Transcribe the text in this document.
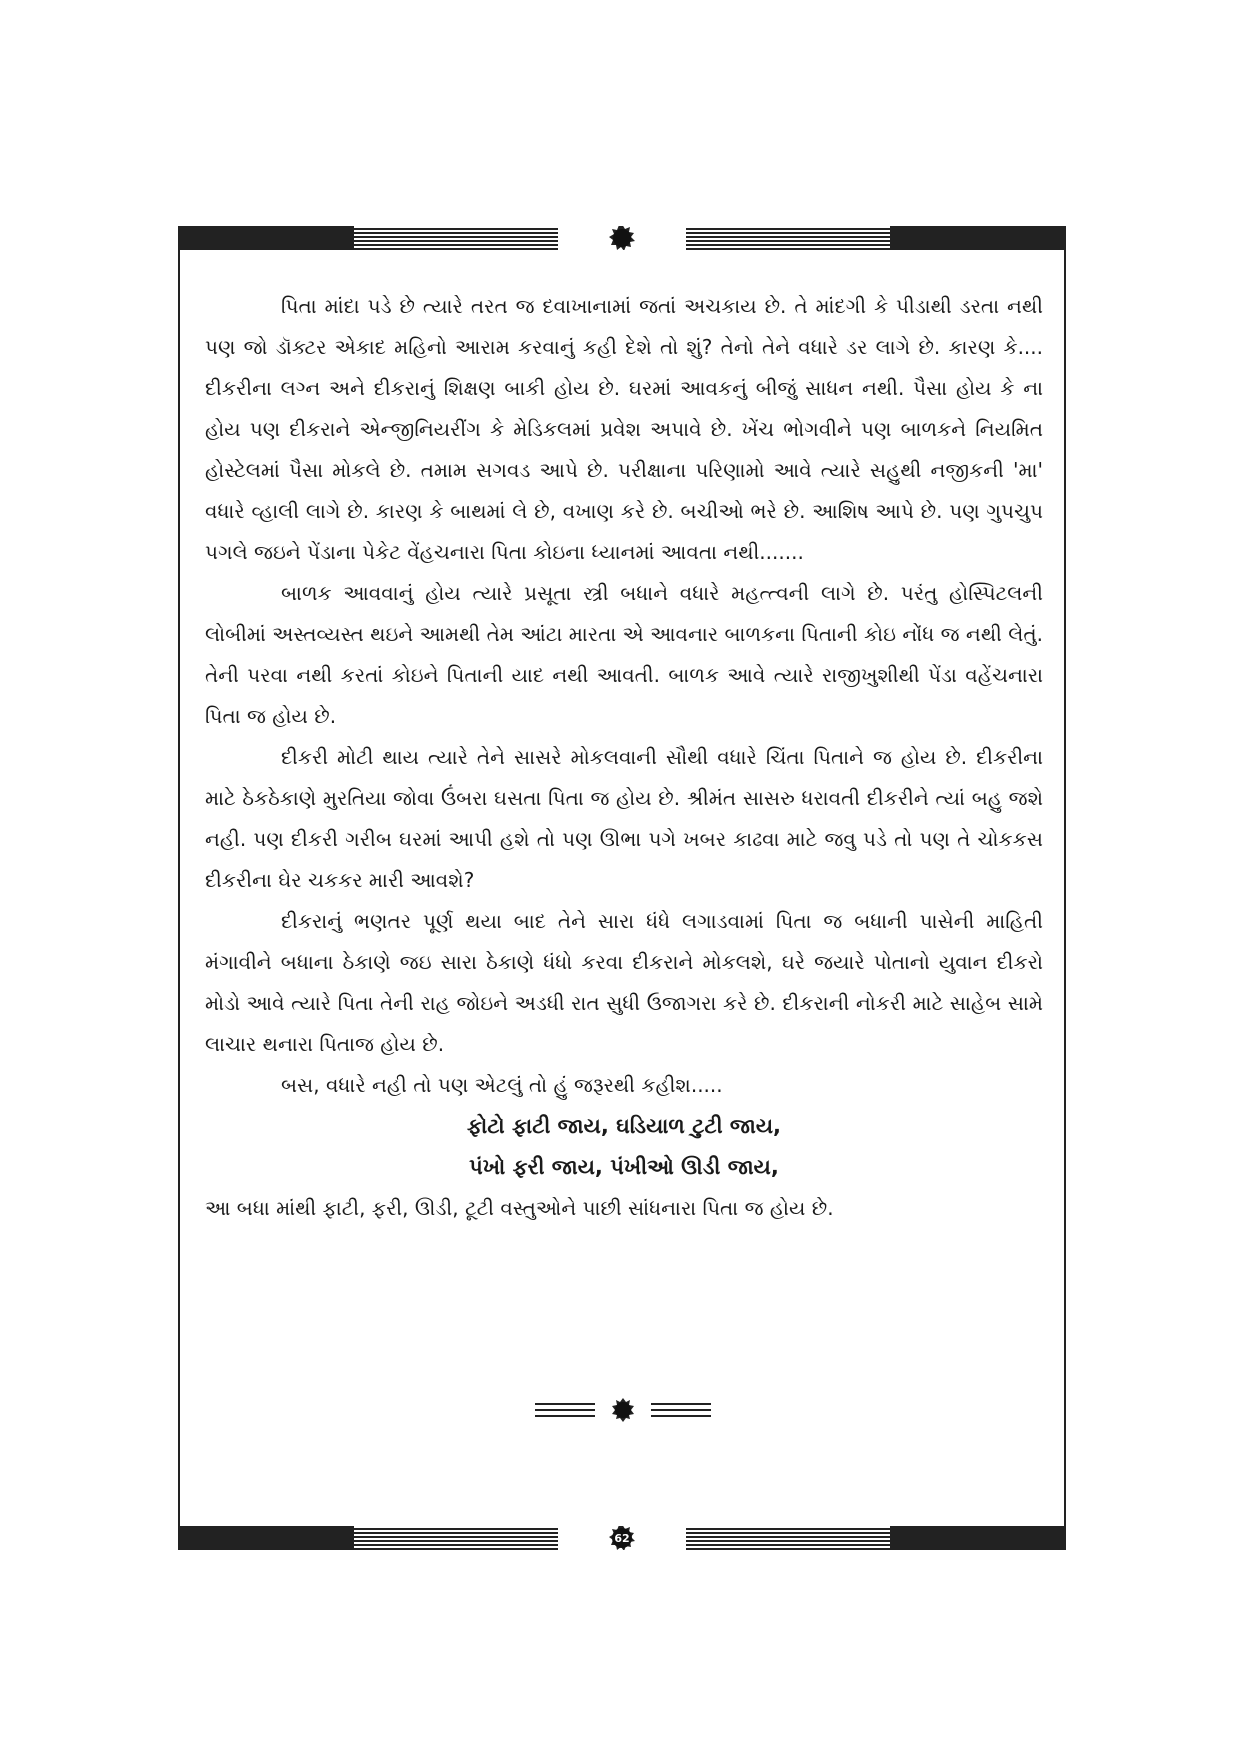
પિતા માંદા પડે છે ત્યારે તરત જ દવાખાનામાં જતાં અચકાય છે. તે માંદગી કે પીડાથી ડરતા નથી પણ જો ડૉક્ટર એકાદ મહિનો આરામ કરવાનું કહી દેશે તો શું? તેનો તેને વધારે ડર લાગે છે. કારણ કે.... દીકરીના લગ્ન અને દીકરાનું શિક્ષણ બાકી હોય છે. ઘરમાં આવકનું બીજું સાધન નથી. પૈસા હોય કે ના હોય પણ દીકરાને એન્જીનિયરીંગ કે મેડિકલમાં પ્રવેશ અપાવે છે. ખેંચ ભોગવીને પણ બાળકને નિયમિત હોસ્ટેલમાં પૈસા મોકલે છે. તમામ સગવડ આપે છે. પરીક્ષાના પરિણામો આવે ત્યારે સહુથી નજીકની 'મા' વધારે વ્હાલી લાગે છે. કારણ કે બાથમાં લે છે, વખાણ કરે છે. બચીઓ ભરે છે. આશિષ આપે છે. પણ ગુપચુપ પગલે જઇને પેંડાના પેકેટ વેંહચનારા પિતા કોઇના ધ્યાનમાં આવતા નથી.......

બાળક આવવાનું હોય ત્યારે પ્રસૂતા સ્ત્રી બધાને વધારે મહત્ત્વની લાગે છે. પરંતુ હોસ્પિટલની લોબીમાં અસ્તવ્યસ્ત થઇને આમથી તેમ આંટા મારતા એ આવનાર બાળકના પિતાની કોઇ નોંધ જ નથી લેતું. તેની પરવા નથી કરતાં કોઇને પિતાની યાદ નથી આવતી. બાળક આવે ત્યારે રાજીખુશીથી પેંડા વહેંચનારા પિતા જ હોય છે.

દીકરી મોટી થાય ત્યારે તેને સાસરે મોકલવાની સૌથી વધારે ચિંતા પિતાને જ હોય છે. દીકરીના માટે ઠેકઠેકાણે મુરતિયા જોવા ઉંબરા ઘસતા પિતા જ હોય છે. શ્રીમંત સાસરુ ધરાવતી દીકરીને ત્યાં બહુ જશે નહી. પણ દીકરી ગરીબ ઘરમાં આપી હશે તો પણ ઊભા પગે ખબર કાઢવા માટે જવુ પડે તો પણ તે ચોકકસ દીકરીના ઘેર ચકકર મારી આવશે?

દીકરાનું ભણતર પૂર્ણ થયા બાદ તેને સારા ધંધે લગાડવામાં પિતા જ બધાની પાસેની માહિતી મંગાવીને બધાના ઠેકાણે જઇ સારા ઠેકાણે ધંધો કરવા દીકરાને મોકલશે, ઘરે જયારે પોતાનો યુવાન દીકરો મોડો આવે ત્યારે પિતા તેની રાહ જોઇને અડધી રાત સુધી ઉજાગરા કરે છે. દીકરાની નોકરી માટે સાહેબ સામે લાચાર થનારા પિતાજ હોય છે.

બસ, વધારે નહી તો પણ એટલું તો હું જરૂરથી કહીશ.....

ફોટો ફાટી જાય, ઘડિયાળ ટુટી જાય,

પંખો ફરી જાય, પંખીઓ ઊડી જાય,

આ બધા માંથી ફાટી, ફરી, ઊડી, ટૂટી વસ્તુઓને પાછી સાંધનારા પિતા જ હોય છે.

62
